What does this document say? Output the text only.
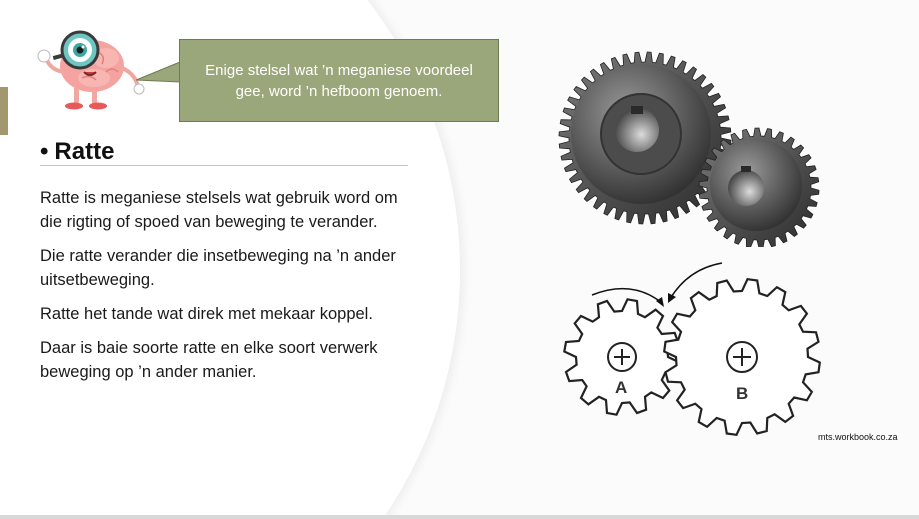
Enige stelsel wat ’n meganiese voordeel gee, word ’n hefboom genoem.
• Ratte

Ratte is meganiese stelsels wat gebruik word om die rigting of spoed van beweging te verander.

Die ratte verander die insetbeweging na ’n ander uitsetbeweging.

Ratte het tande wat direk met mekaar koppel.

Daar is baie soorte ratte en elke soort verwerk beweging op ’n ander manier.

A	B
mts.workbook.co.za
